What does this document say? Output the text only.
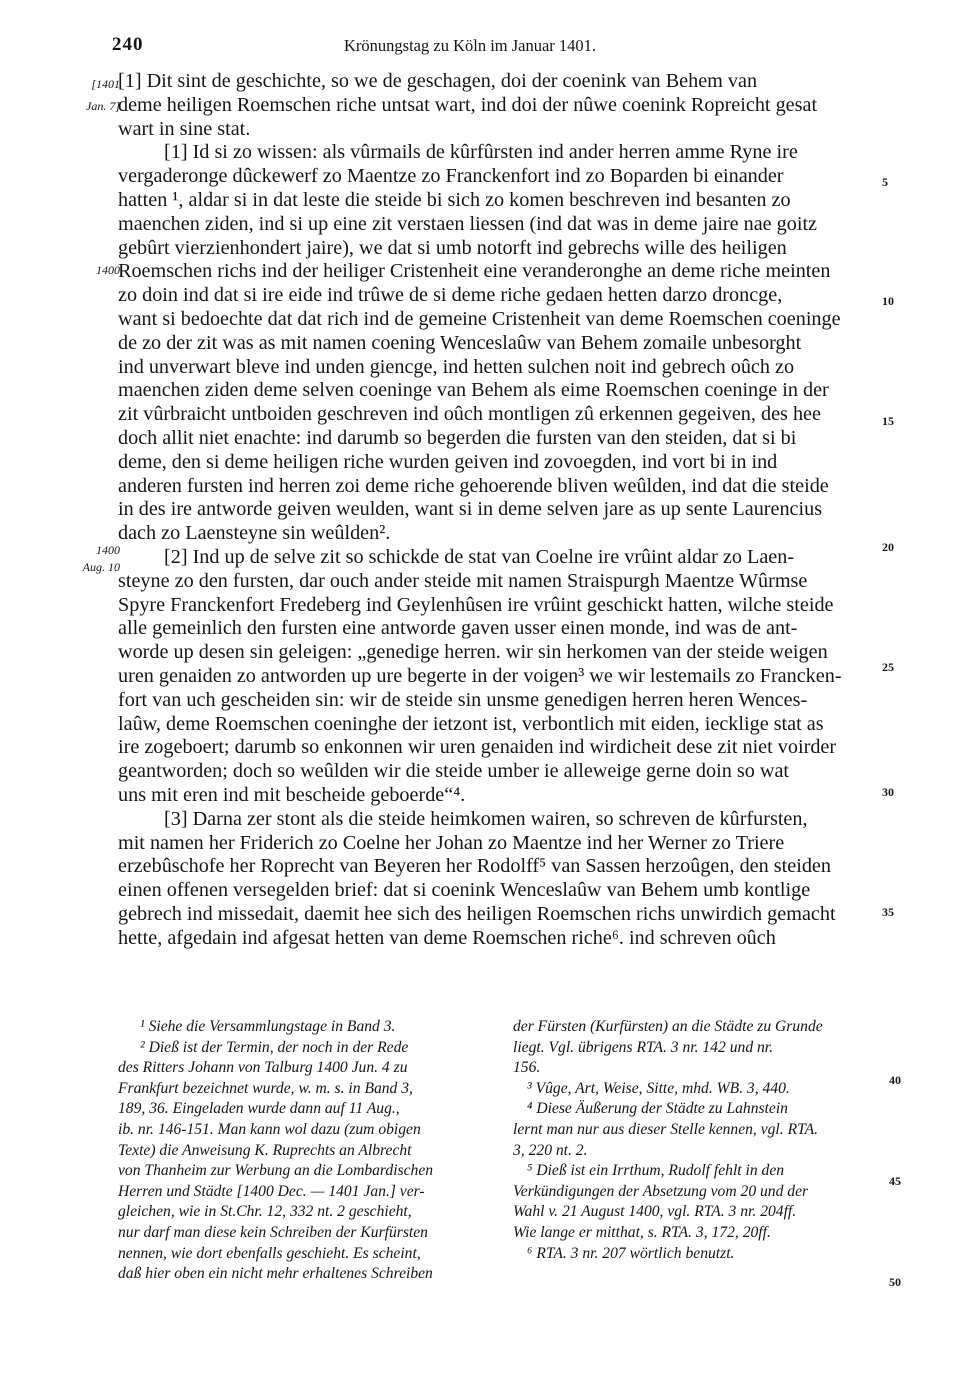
240	Krönungstag zu Köln im Januar 1401.
[1401
Jan. 7]
1400
1400
Aug. 10
[1] Dit sint de geschichte, so we de geschagen, doi der coenink van Behem van
deme heiligen Roemschen riche untsat wart, ind doi der nûwe coenink Ropreicht gesat
wart in sine stat.
[1] Id si zo wissen: als vûrmails de kûrfûrsten ind ander herren amme Ryne ire
vergaderonge dûckewerf zo Maentze zo Franckenfort ind zo Boparden bi einander
hatten ¹, aldar si in dat leste die steide bi sich zo komen beschreven ind besanten zo
maenchen ziden, ind si up eine zit verstaen liessen (ind dat was in deme jaire nae goitz
gebûrt vierzienhondert jaire), we dat si umb notorft ind gebrechs wille des heiligen
Roemschen richs ind der heiliger Cristenheit eine veranderonghe an deme riche meinten
zo doin ind dat si ire eide ind trûwe de si deme riche gedaen hetten darzo droncge,
want si bedoechte dat dat rich ind de gemeine Cristenheit van deme Roemschen coeninge
de zo der zit was as mit namen coening Wenceslaûw van Behem zomaile unbesorght
ind unverwart bleve ind unden giencge, ind hetten sulchen noit ind gebrech oûch zo
maenchen ziden deme selven coeninge van Behem als eime Roemschen coeninge in der
zit vûrbraicht untboiden geschreven ind oûch montligen zû erkennen gegeiven, des hee
doch allit niet enachte: ind darumb so begerden die fursten van den steiden, dat si bi
deme, den si deme heiligen riche wurden geiven ind zovoegden, ind vort bi in ind
anderen fursten ind herren zoi deme riche gehoerende bliven weûlden, ind dat die steide
in des ire antworde geiven weulden, want si in deme selven jare as up sente Laurencius
dach zo Laensteyne sin weûlden².
[2] Ind up de selve zit so schickde de stat van Coelne ire vrûint aldar zo Laen-
steyne zo den fursten, dar ouch ander steide mit namen Straispurgh Maentze Wûrmse
Spyre Franckenfort Fredeberg ind Geylenhûsen ire vrûint geschickt hatten, wilche steide
alle gemeinlich den fursten eine antworde gaven usser einen monde, ind was de ant-
worde up desen sin geleigen: „genedige herren. wir sin herkomen van der steide weigen
uren genaiden zo antworden up ure begerte in der voigen³ we wir lestemails zo Francken-
fort van uch gescheiden sin: wir de steide sin unsme genedigen herren heren Wences-
laûw, deme Roemschen coeninghe der ietzont ist, verbontlich mit eiden, iecklige stat as
ire zogeboert; darumb so enkonnen wir uren genaiden ind wirdicheit dese zit niet voirder
geantworden; doch so weûlden wir die steide umber ie alleweige gerne doin so wat
uns mit eren ind mit bescheide geboerde“⁴.
[3] Darna zer stont als die steide heimkomen wairen, so schreven de kûrfursten,
mit namen her Friderich zo Coelne her Johan zo Maentze ind her Werner zo Triere
erzebûschofe her Roprecht van Beyeren her Rodolff⁵ van Sassen herzoûgen, den steiden
einen offenen versegelden brief: dat si coenink Wenceslaûw van Behem umb kontlige
gebrech ind missedait, daemit hee sich des heiligen Roemschen richs unwirdich gemacht
hette, afgedain ind afgesat hetten van deme Roemschen riche⁶. ind schreven oûch
5
10
15
20
25
30
35
¹ Siehe die Versammlungstage in Band 3.
² Dieß ist der Termin, der noch in der Rede
des Ritters Johann von Talburg 1400 Jun. 4 zu
Frankfurt bezeichnet wurde, w. m. s. in Band 3,
189, 36. Eingeladen wurde dann auf 11 Aug.,
ib. nr. 146-151. Man kann wol dazu (zum obigen
Texte) die Anweisung K. Ruprechts an Albrecht
von Thanheim zur Werbung an die Lombardischen
Herren und Städte [1400 Dec. — 1401 Jan.] ver-
gleichen, wie in St.Chr. 12, 332 nt. 2 geschieht,
nur darf man diese kein Schreiben der Kurfürsten
nennen, wie dort ebenfalls geschieht. Es scheint,
daß hier oben ein nicht mehr erhaltenes Schreiben
der Fürsten (Kurfürsten) an die Städte zu Grunde
liegt. Vgl. übrigens RTA. 3 nr. 142 und nr.
156.
³ Vûge, Art, Weise, Sitte, mhd. WB. 3, 440.
⁴ Diese Äußerung der Städte zu Lahnstein
lernt man nur aus dieser Stelle kennen, vgl. RTA.
3, 220 nt. 2.
⁵ Dieß ist ein Irrthum, Rudolf fehlt in den
Verkündigungen der Absetzung vom 20 und der
Wahl v. 21 August 1400, vgl. RTA. 3 nr. 204ff.
Wie lange er mitthat, s. RTA. 3, 172, 20ff.
⁶ RTA. 3 nr. 207 wörtlich benutzt.
40
45
50
